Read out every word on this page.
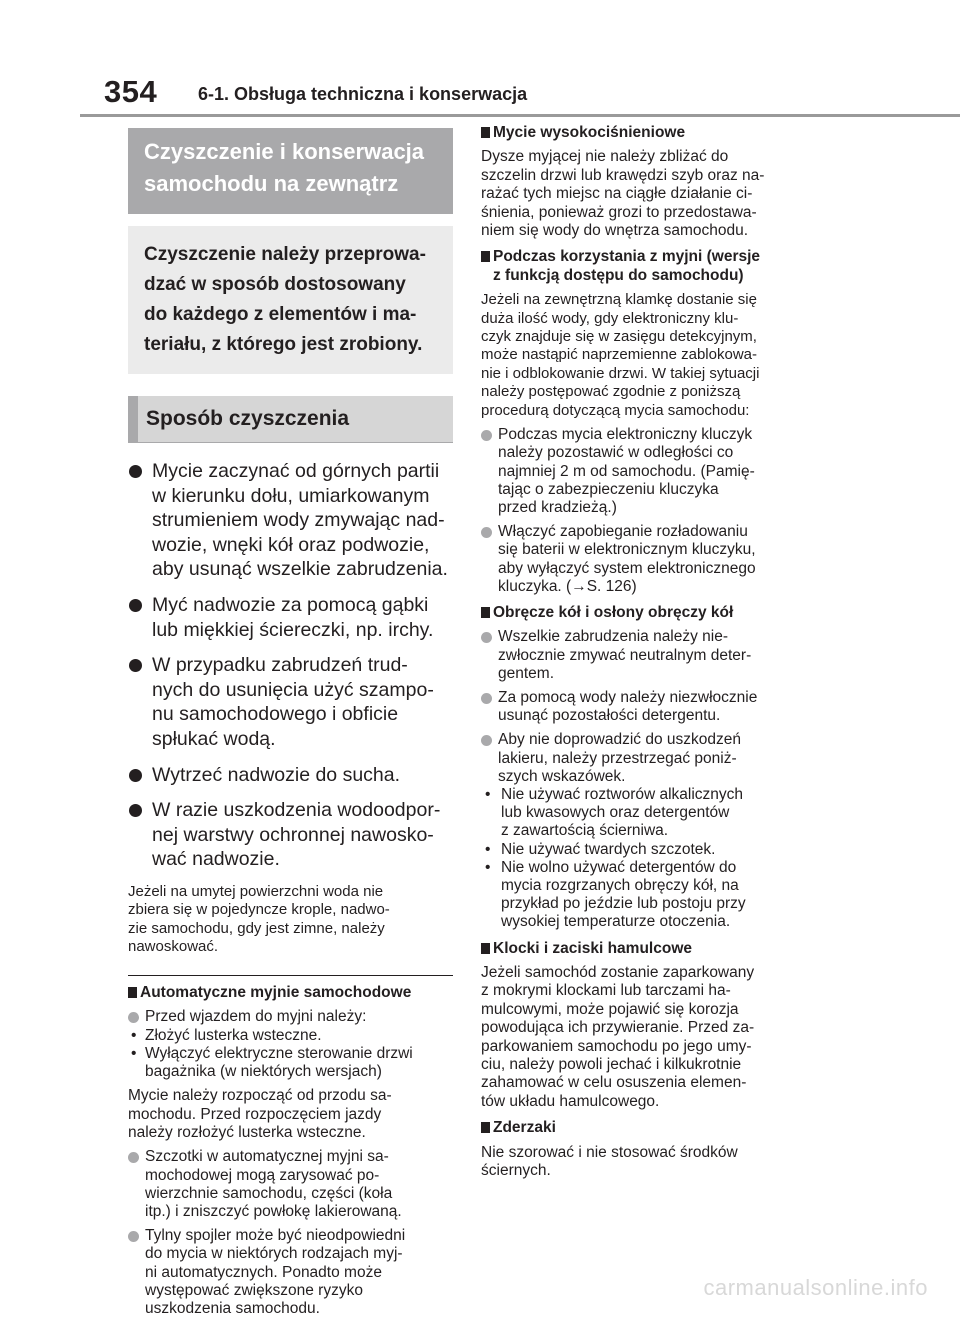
354 6-1. Obsługa techniczna i konserwacja
Czyszczenie i konserwacja
samochodu na zewnątrz
Czyszczenie należy przeprowa-
dzać w sposób dostosowany
do każdego z elementów i ma-
teriału, z którego jest zrobiony.
Sposób czyszczenia
Mycie zaczynać od górnych partii
w kierunku dołu, umiarkowanym
strumieniem wody zmywając nad-
wozie, wnęki kół oraz podwozie,
aby usunąć wszelkie zabrudzenia.
Myć nadwozie za pomocą gąbki
lub miękkiej ściereczki, np. irchy.
W przypadku zabrudzeń trud-
nych do usunięcia użyć szampo-
nu samochodowego i obficie
spłukać wodą.
Wytrzeć nadwozie do sucha.
W razie uszkodzenia wodoodpor-
nej warstwy ochronnej nawosko-
wać nadwozie.
Jeżeli na umytej powierzchni woda nie
zbiera się w pojedyncze krople, nadwo-
zie samochodu, gdy jest zimne, należy
nawoskować.
Automatyczne myjnie samochodowe
Przed wjazdem do myjni należy:
• Złożyć lusterka wsteczne.
• Wyłączyć elektryczne sterowanie drzwi
bagażnika (w niektórych wersjach)
Mycie należy rozpocząć od przodu sa-
mochodu. Przed rozpoczęciem jazdy
należy rozłożyć lusterka wsteczne.
Szczotki w automatycznej myjni sa-
mochodowej mogą zarysować po-
wierzchnie samochodu, części (koła
itp.) i zniszczyć powłokę lakierowaną.
Tylny spojler może być nieodpowiedni
do mycia w niektórych rodzajach myj-
ni automatycznych. Ponadto może
występować zwiększone ryzyko
uszkodzenia samochodu.
Mycie wysokociśnieniowe
Dysze myjącej nie należy zbliżać do
szczelin drzwi lub krawędzi szyb oraz na-
rażać tych miejsc na ciągłe działanie ci-
śnienia, ponieważ grozi to przedostawa-
niem się wody do wnętrza samochodu.
Podczas korzystania z myjni (wersje
z funkcją dostępu do samochodu)
Jeżeli na zewnętrzną klamkę dostanie się
duża ilość wody, gdy elektroniczny klu-
czyk znajduje się w zasięgu detekcyjnym,
może nastąpić naprzemienne zablokowa-
nie i odblokowanie drzwi. W takiej sytuacji
należy postępować zgodnie z poniższą
procedurą dotyczącą mycia samochodu:
Podczas mycia elektroniczny kluczyk
należy pozostawić w odległości co
najmniej 2 m od samochodu. (Pamię-
tając o zabezpieczeniu kluczyka
przed kradzieżą.)
Włączyć zapobieganie rozładowaniu
się baterii w elektronicznym kluczyku,
aby wyłączyć system elektronicznego
kluczyka. (→S. 126)
Obręcze kół i osłony obręczy kół
Wszelkie zabrudzenia należy nie-
zwłocznie zmywać neutralnym deter-
gentem.
Za pomocą wody należy niezwłocznie
usunąć pozostałości detergentu.
Aby nie doprowadzić do uszkodzeń
lakieru, należy przestrzegać poniż-
szych wskazówek.
• Nie używać roztworów alkalicznych
lub kwasowych oraz detergentów
z zawartością ścierniwa.
• Nie używać twardych szczotek.
• Nie wolno używać detergentów do
mycia rozgrzanych obręczy kół, na
przykład po jeździe lub postoju przy
wysokiej temperaturze otoczenia.
Klocki i zaciski hamulcowe
Jeżeli samochód zostanie zaparkowany
z mokrymi klockami lub tarczami ha-
mulcowymi, może pojawić się korozja
powodująca ich przywieranie. Przed za-
parkowaniem samochodu po jego umy-
ciu, należy powoli jechać i kilkukrotnie
zahamować w celu osuszenia elemen-
tów układu hamulcowego.
Zderzaki
Nie szorować i nie stosować środków
ściernych.
carmanualsonline.info
